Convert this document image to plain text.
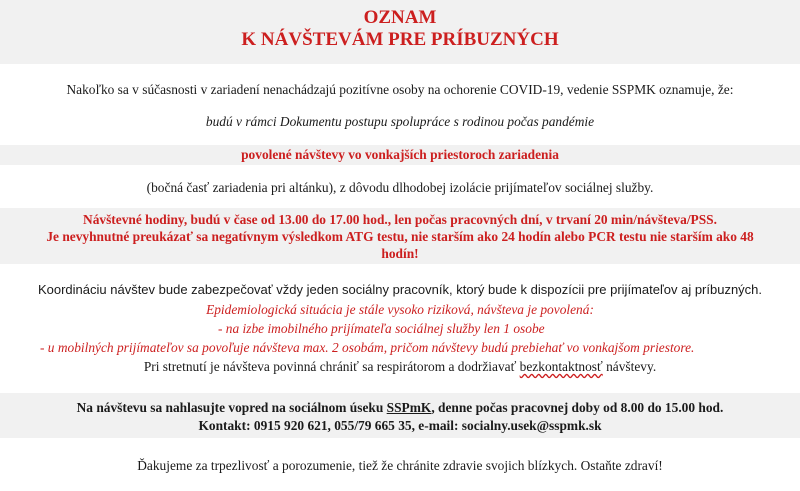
OZNAM

K NÁVŠTEVÁM PRE PRÍBUZNÝCH

Nakoľko sa v súčasnosti v zariadení nenachádzajú pozitívne osoby na ochorenie COVID-19, vedenie SSPMK oznamuje, že:
budú v rámci Dokumentu postupu spolupráce s rodinou počas pandémie
povolené návštevy vo vonkajších priestoroch zariadenia
(bočná časť zariadenia pri altánku), z dôvodu dlhodobej izolácie prijímateľov sociálnej služby.
Návštevné hodiny, budú v čase od 13.00 do 17.00 hod., len počas pracovných dní, v trvaní 20 min/návšteva/PSS.
Je nevyhnutné preukázať sa negatívnym výsledkom ATG testu, nie starším ako 24 hodín alebo PCR testu nie starším ako 48
hodín!
Koordináciu návštev bude zabezpečovať vždy jeden sociálny pracovník, ktorý bude k dispozícii pre prijímateľov aj príbuzných.
Epidemiologická situácia je stále vysoko riziková, návšteva je povolená:
- na izbe imobilného prijímateľa sociálnej služby len 1 osobe
- u mobilných prijímateľov sa povoľuje návšteva max. 2 osobám, pričom návštevy budú prebiehať vo vonkajšom priestore.
Pri stretnutí je návšteva povinná chrániť sa respirátorom a dodržiavať bezkontaktnosť návštevy.
Na návštevu sa nahlasujte vopred na sociálnom úseku SSPmK, denne počas pracovnej doby od 8.00 do 15.00 hod.
Kontakt: 0915 920 621, 055/79 665 35, e-mail: socialny.usek@sspmk.sk
Ďakujeme za trpezlivosť a porozumenie, tiež že chránite zdravie svojich blízkych. Ostaňte zdraví!
